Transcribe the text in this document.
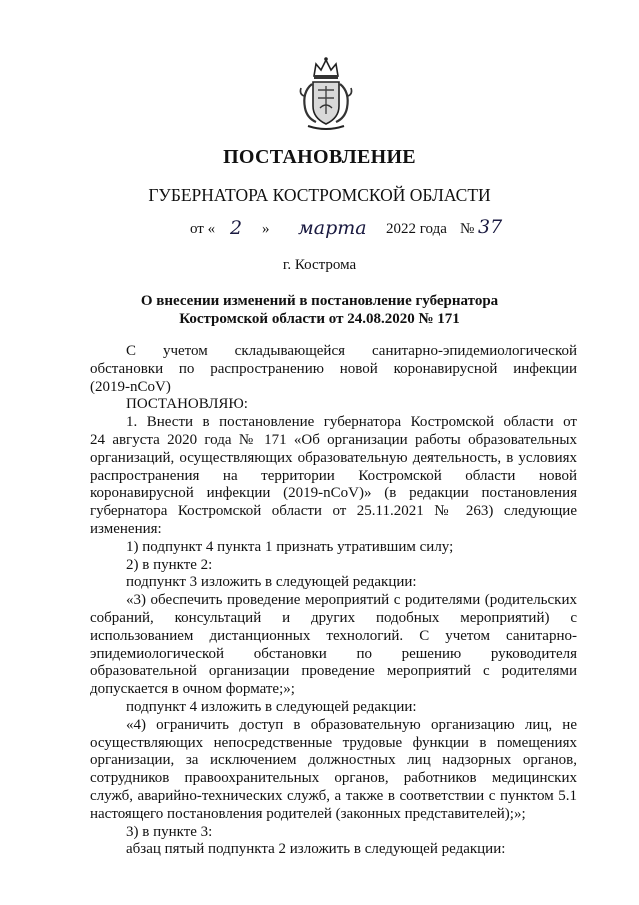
ПОСТАНОВЛЕНИЕ
ГУБЕРНАТОРА КОСТРОМСКОЙ ОБЛАСТИ
от « 2 » марта 2022 года № 37
г. Кострома
О внесении изменений в постановление губернатора
Костромской области от 24.08.2020 № 171
С учетом складывающейся санитарно-эпидемиологической
обстановки по распространению новой коронавирусной инфекции
(2019-nCoV)
ПОСТАНОВЛЯЮ:
1. Внести в постановление губернатора Костромской области от
24 августа 2020 года № 171 «Об организации работы образовательных
организаций, осуществляющих образовательную деятельность, в условиях
распространения на территории Костромской области новой
коронавирусной инфекции (2019-nCoV)» (в редакции постановления
губернатора Костромской области от 25.11.2021 № 263) следующие
изменения:
1) подпункт 4 пункта 1 признать утратившим силу;
2) в пункте 2:
подпункт 3 изложить в следующей редакции:
«3) обеспечить проведение мероприятий с родителями (родительских
собраний, консультаций и других подобных мероприятий) с
использованием дистанционных технологий. С учетом санитарно-
эпидемиологической обстановки по решению руководителя
образовательной организации проведение мероприятий с родителями
допускается в очном формате;»;
подпункт 4 изложить в следующей редакции:
«4) ограничить доступ в образовательную организацию лиц, не
осуществляющих непосредственные трудовые функции в помещениях
организации, за исключением должностных лиц надзорных органов,
сотрудников правоохранительных органов, работников медицинских
служб, аварийно-технических служб, а также в соответствии с пунктом 5.1
настоящего постановления родителей (законных представителей);»;
3) в пункте 3:
абзац пятый подпункта 2 изложить в следующей редакции:
